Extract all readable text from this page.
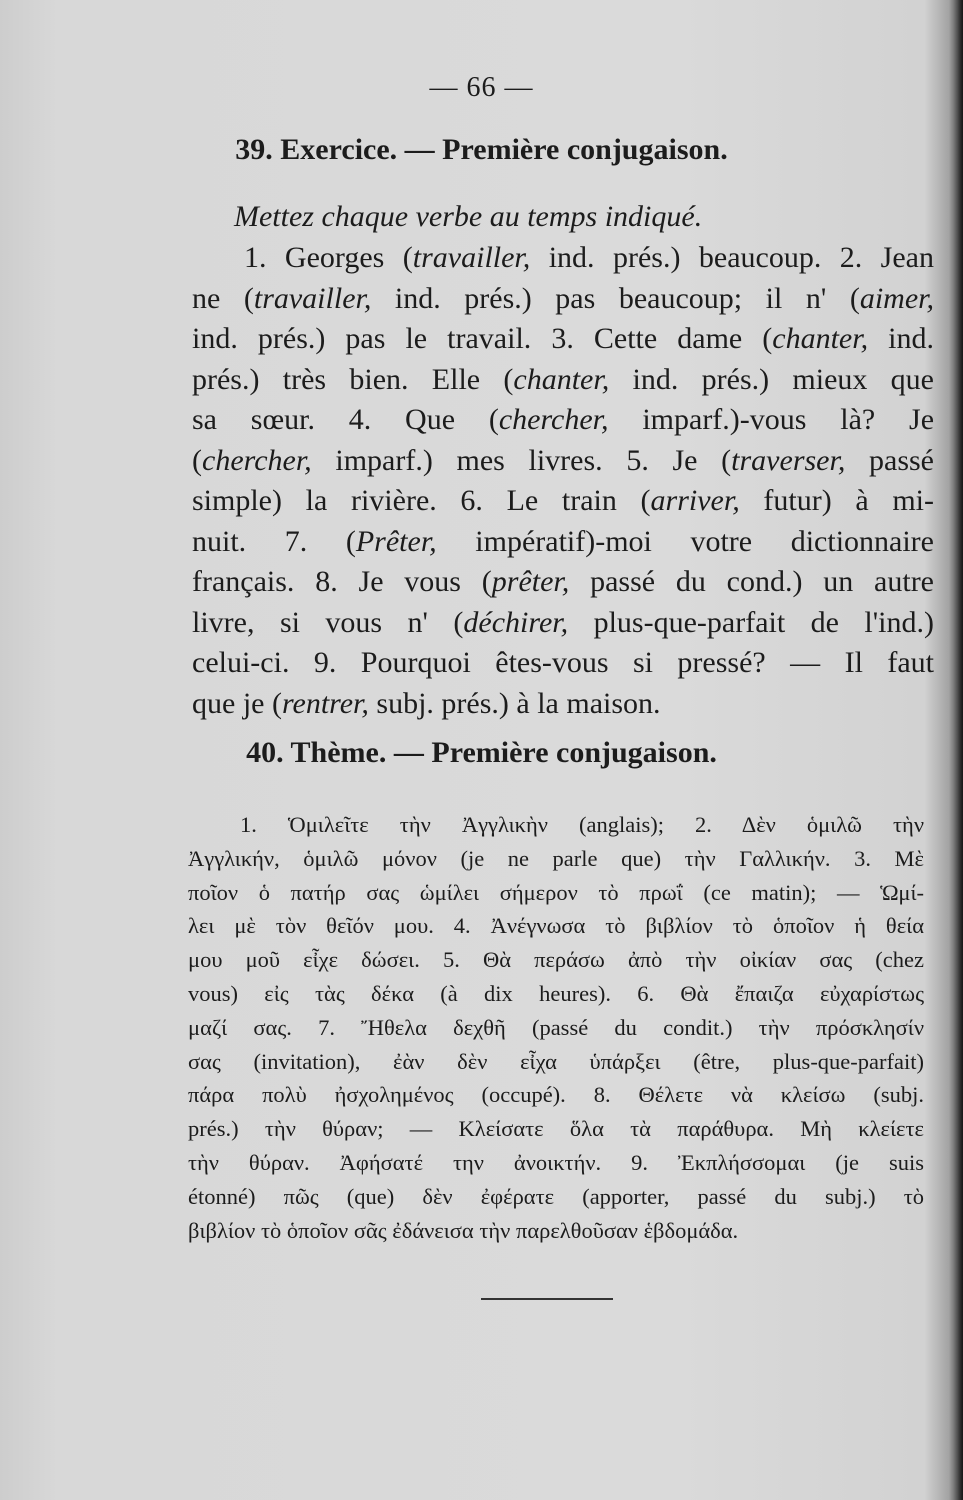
— 66 —
39. Exercice. — Première conjugaison.
Mettez chaque verbe au temps indiqué.
1. Georges (travailler, ind. prés.) beaucoup. 2. Jean
ne (travailler, ind. prés.) pas beaucoup; il n' (aimer,
ind. prés.) pas le travail. 3. Cette dame (chanter, ind.
prés.) très bien. Elle (chanter, ind. prés.) mieux que
sa sœur. 4. Que (chercher, imparf.)-vous là? Je
(chercher, imparf.) mes livres. 5. Je (traverser, passé
simple) la rivière. 6. Le train (arriver, futur) à mi-
nuit. 7. (Prêter, impératif)-moi votre dictionnaire
français. 8. Je vous (prêter, passé du cond.) un autre
livre, si vous n' (déchirer, plus-que-parfait de l'ind.)
celui-ci. 9. Pourquoi êtes-vous si pressé? — Il faut
que je (rentrer, subj. prés.) à la maison.
40. Thème. — Première conjugaison.
1. Ὁμιλεῖτε τὴν Ἀγγλικὴν (anglais); 2. Δὲν ὁμιλῶ τὴν
Ἀγγλικήν, ὁμιλῶ μόνον (je ne parle que) τὴν Γαλλικήν. 3. Μὲ
ποῖον ὁ πατήρ σας ὡμίλει σήμερον τὸ πρωΐ (ce matin); — Ὡμί-
λει μὲ τὸν θεῖόν μου. 4. Ἀνέγνωσα τὸ βιβλίον τὸ ὁποῖον ἡ θεία
μου μοῦ εἶχε δώσει. 5. Θὰ περάσω ἀπὸ τὴν οἰκίαν σας (chez
vous) εἰς τὰς δέκα (à dix heures). 6. Θὰ ἔπαιζα εὐχαρίστως
μαζί σας. 7. Ἤθελα δεχθῆ (passé du condit.) τὴν πρόσκλησίν
σας (invitation), ἐὰν δὲν εἶχα ὑπάρξει (être, plus-que-parfait)
πάρα πολὺ ἠσχολημένος (occupé). 8. Θέλετε νὰ κλείσω (subj.
prés.) τὴν θύραν; — Κλείσατε ὅλα τὰ παράθυρα. Μὴ κλείετε
τὴν θύραν. Ἀφήσατέ την ἀνοικτήν. 9. Ἐκπλήσσομαι (je suis
étonné) πῶς (que) δὲν ἐφέρατε (apporter, passé du subj.) τὸ
βιβλίον τὸ ὁποῖον σᾶς ἐδάνεισα τὴν παρελθοῦσαν ἑβδομάδα.
